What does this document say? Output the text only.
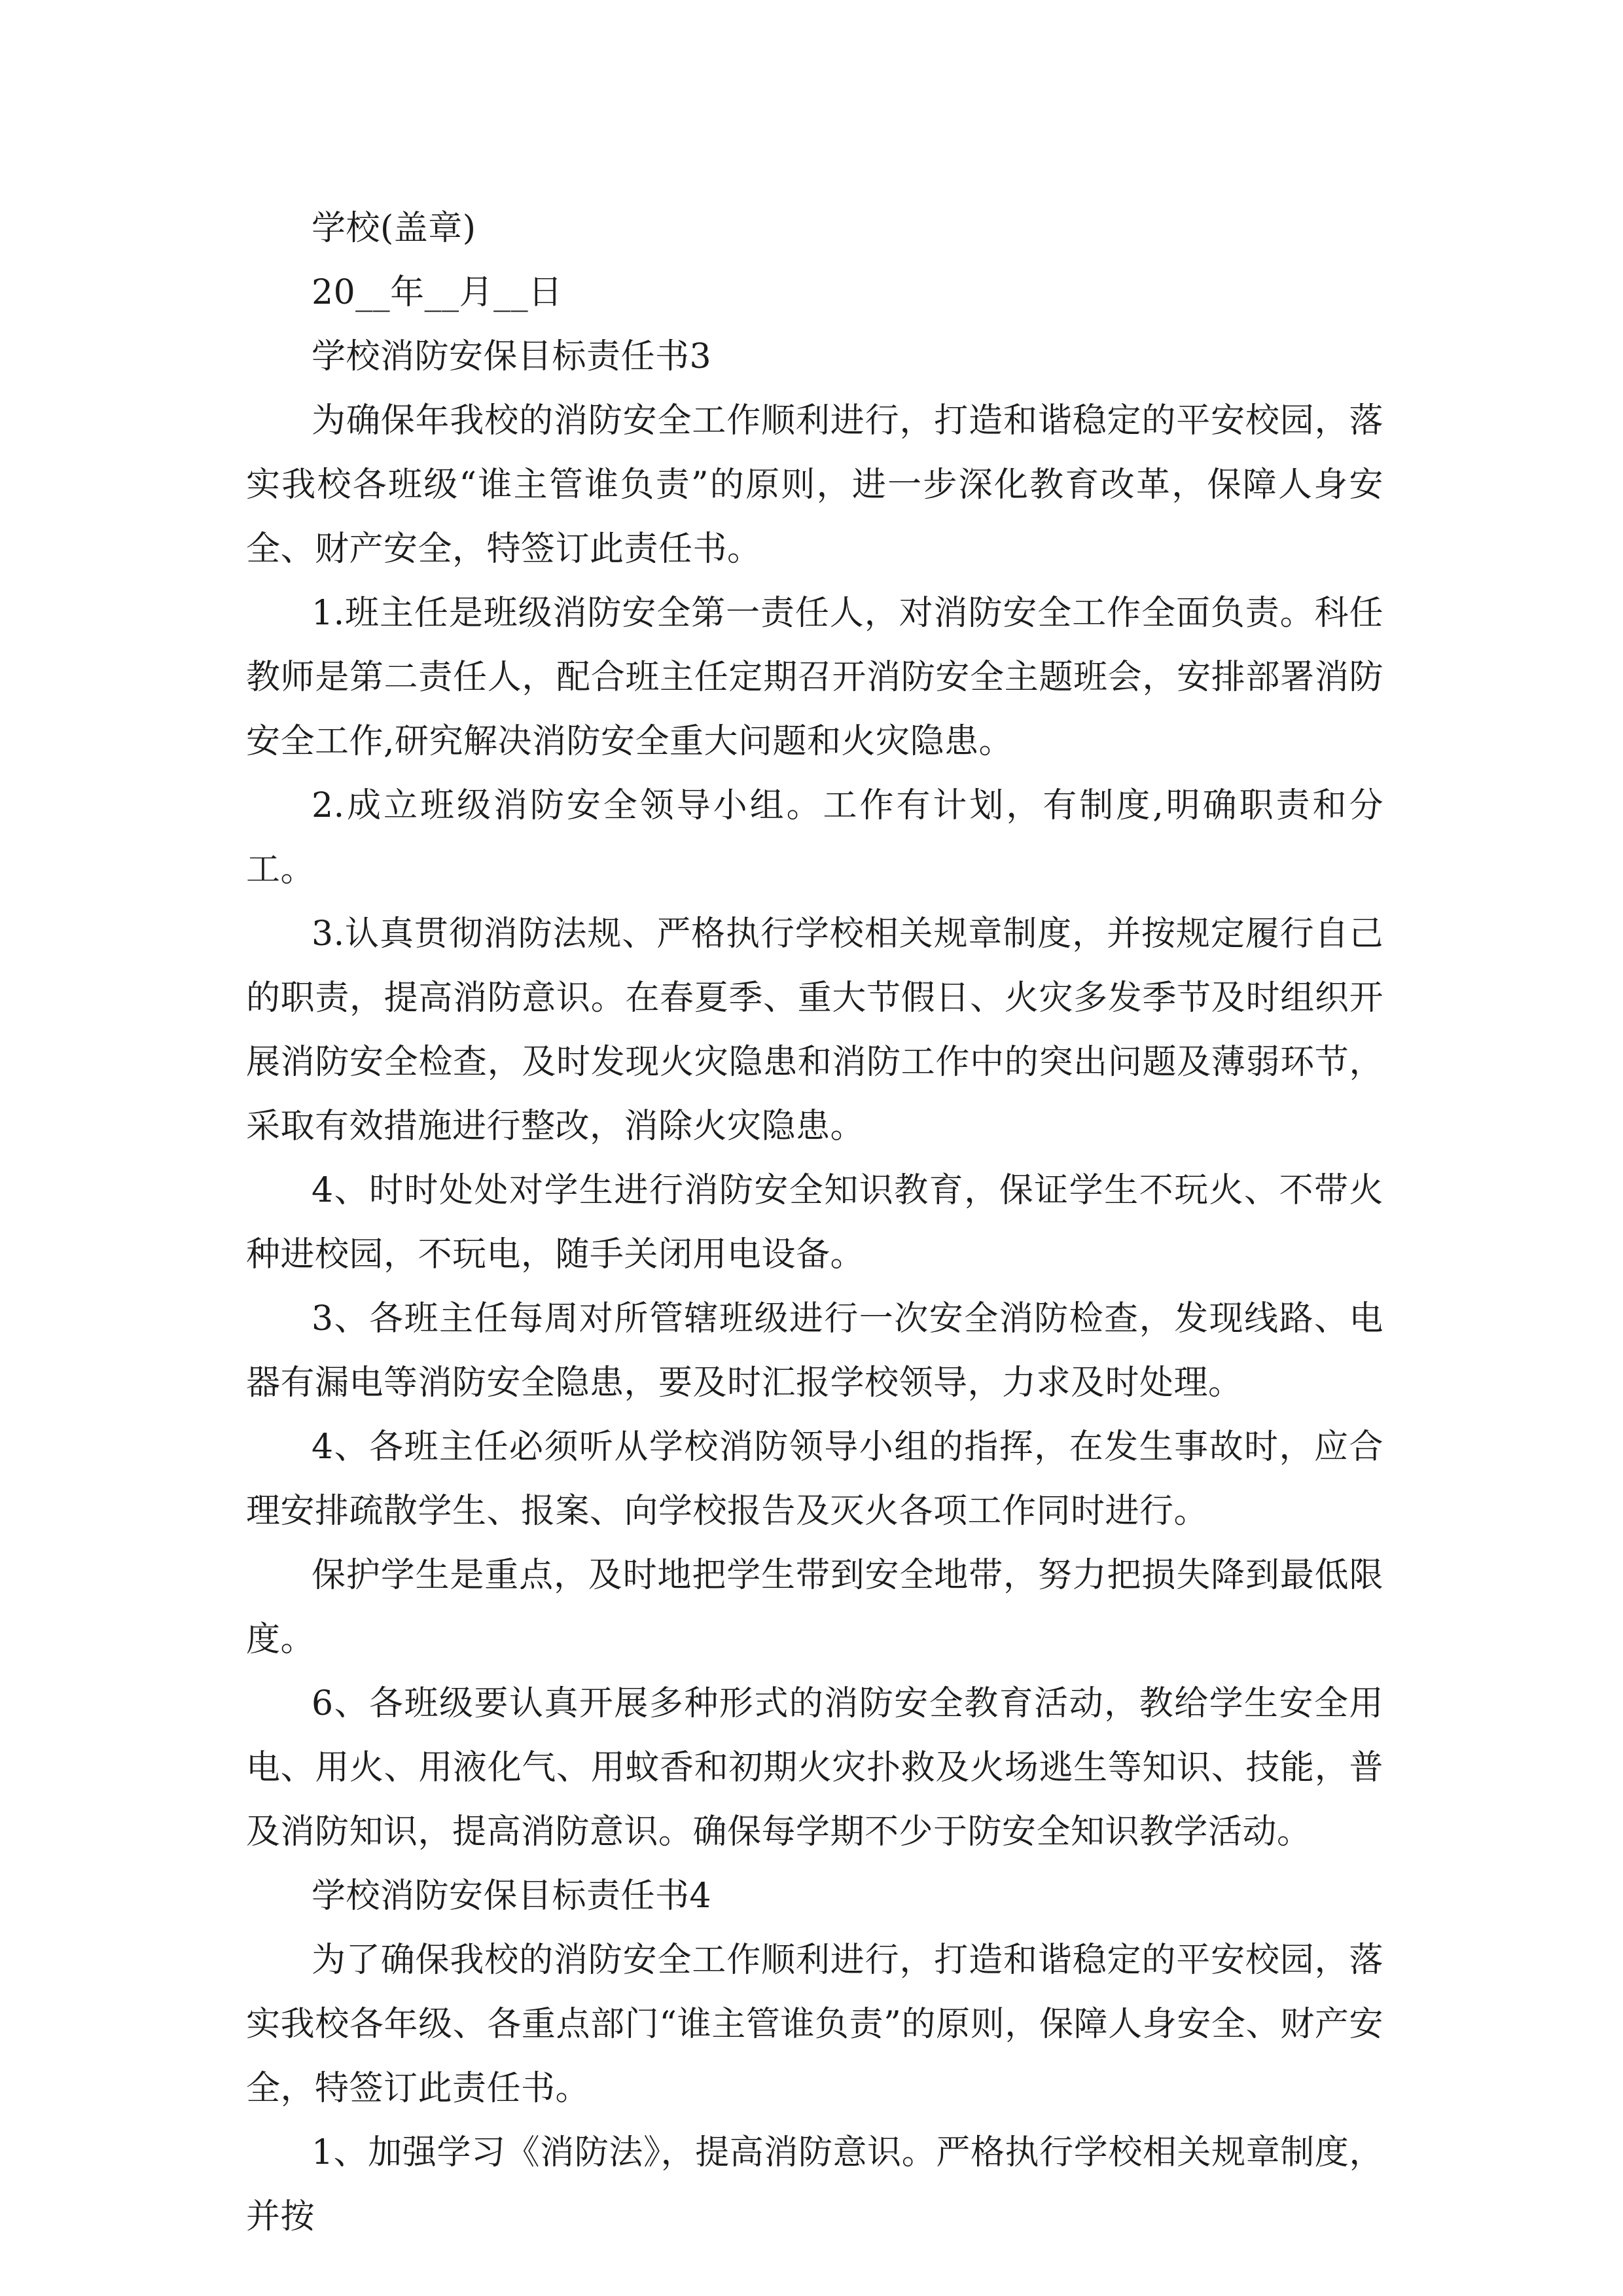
学校(盖章)

20__年__月__日

学校消防安保目标责任书3

为确保年我校的消防安全工作顺利进行，打造和谐稳定的平安校园，落实我校各班级“谁主管谁负责”的原则，进一步深化教育改革，保障人身安全、财产安全，特签订此责任书。

1.班主任是班级消防安全第一责任人，对消防安全工作全面负责。科任教师是第二责任人，配合班主任定期召开消防安全主题班会，安排部署消防安全工作,研究解决消防安全重大问题和火灾隐患。

2.成立班级消防安全领导小组。工作有计划，有制度,明确职责和分工。

3.认真贯彻消防法规、严格执行学校相关规章制度，并按规定履行自己的职责，提高消防意识。在春夏季、重大节假日、火灾多发季节及时组织开展消防安全检查，及时发现火灾隐患和消防工作中的突出问题及薄弱环节，采取有效措施进行整改，消除火灾隐患。

4、时时处处对学生进行消防安全知识教育，保证学生不玩火、不带火种进校园，不玩电，随手关闭用电设备。

3、各班主任每周对所管辖班级进行一次安全消防检查，发现线路、电器有漏电等消防安全隐患，要及时汇报学校领导，力求及时处理。

4、各班主任必须听从学校消防领导小组的指挥，在发生事故时，应合理安排疏散学生、报案、向学校报告及灭火各项工作同时进行。

保护学生是重点，及时地把学生带到安全地带，努力把损失降到最低限度。

6、各班级要认真开展多种形式的消防安全教育活动，教给学生安全用电、用火、用液化气、用蚊香和初期火灾扑救及火场逃生等知识、技能，普及消防知识，提高消防意识。确保每学期不少于防安全知识教学活动。

学校消防安保目标责任书4

为了确保我校的消防安全工作顺利进行，打造和谐稳定的平安校园，落实我校各年级、各重点部门“谁主管谁负责”的原则，保障人身安全、财产安全，特签订此责任书。

1、加强学习《消防法》，提高消防意识。严格执行学校相关规章制度，并按
